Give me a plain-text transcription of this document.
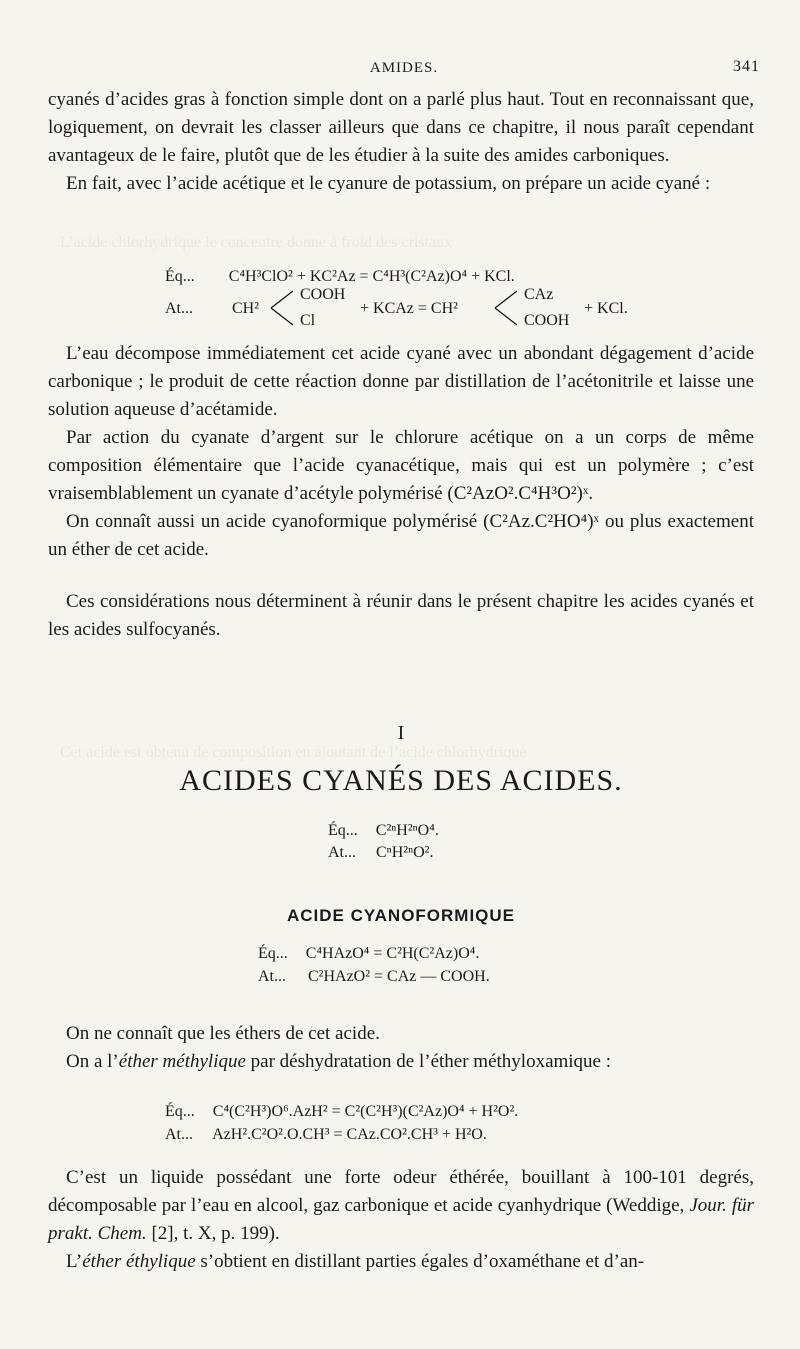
L’acide chlorhydrique le concentre donne à froid des cristaux
Cet acide est obtenu de composition en ajoutant de l’acide chlorhydrique
AMIDES.	341

cyanés d’acides gras à fonction simple dont on a parlé plus haut. Tout en reconnaissant que, logiquement, on devrait les classer ailleurs que dans ce chapitre, il nous paraît cependant avantageux de le faire, plutôt que de les étudier à la suite des amides carboniques.

En fait, avec l’acide acétique et le cyanure de potassium, on prépare un acide cyané :

Éq... C⁴H³ClO² + KC²Az = C⁴H³(C²Az)O⁴ + KCl.
At... CH²
COOH
Cl
+ KCAz = CH²
CAz
COOH
+ KCl.

L’eau décompose immédiatement cet acide cyané avec un abondant dégagement d’acide carbonique ; le produit de cette réaction donne par distillation de l’acétonitrile et laisse une solution aqueuse d’acétamide.

Par action du cyanate d’argent sur le chlorure acétique on a un corps de même composition élémentaire que l’acide cyanacétique, mais qui est un polymère ; c’est vraisemblablement un cyanate d’acétyle polymérisé (C²AzO².C⁴H³O²)ˣ.

On connaît aussi un acide cyanoformique polymérisé (C²Az.C²HO⁴)ˣ ou plus exactement un éther de cet acide.

Ces considérations nous déterminent à réunir dans le présent chapitre les acides cyanés et les acides sulfocyanés.

I
ACIDES CYANÉS DES ACIDES.
Éq... C²ⁿH²ⁿO⁴.
At... CⁿH²ⁿO².
ACIDE CYANOFORMIQUE
Éq... C⁴HAzO⁴ = C²H(C²Az)O⁴.
At... C²HAzO² = CAz — COOH.

On ne connaît que les éthers de cet acide.

On a l’éther méthylique par déshydratation de l’éther méthyloxamique :

Éq... C⁴(C²H³)O⁶.AzH² = C²(C²H³)(C²Az)O⁴ + H²O².
At... AzH².C²O².O.CH³ = CAz.CO².CH³ + H²O.

C’est un liquide possédant une forte odeur éthérée, bouillant à 100-101 degrés, décomposable par l’eau en alcool, gaz carbonique et acide cyanhydrique (Weddige, Jour. für prakt. Chem. [2], t. X, p. 199).

L’éther éthylique s’obtient en distillant parties égales d’oxaméthane et d’an-
